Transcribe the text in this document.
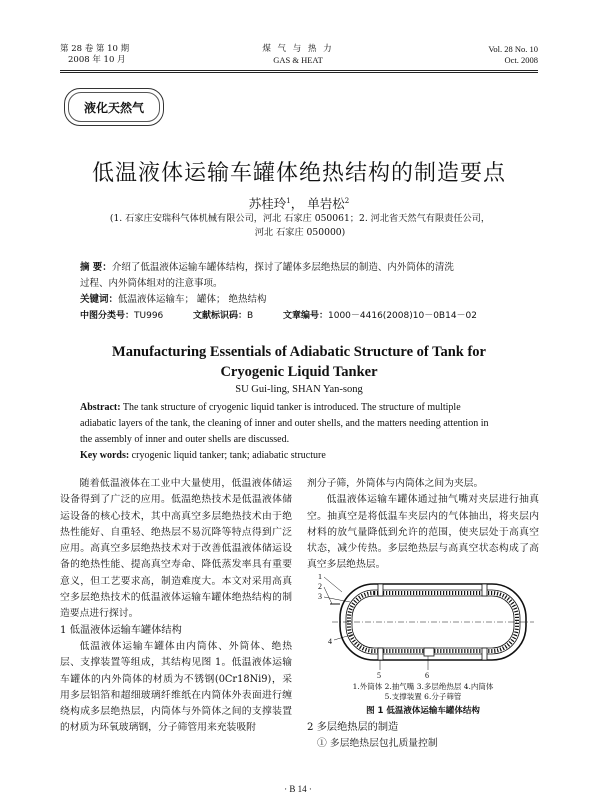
第 28 卷 第 10 期
2008 年 10 月
煤 气 与 热 力
GAS & HEAT
Vol. 28 No. 10
Oct. 2008
液化天然气
低温液体运输车罐体绝热结构的制造要点
苏桂玲$^1$， 单岩松$^2$
(1. 石家庄安瑞科气体机械有限公司，河北 石家庄 050061；2. 河北省天然气有限责任公司，
河北 石家庄 050000)
摘 要：介绍了低温液体运输车罐体结构，探讨了罐体多层绝热层的制造、内外筒体的清洗
过程、内外筒体组对的注意事项。
关键词：低温液体运输车； 罐体； 绝热结构
中图分类号：TU996	文献标识码：B	文章编号：1000－4416(2008)10－0B14－02
Manufacturing Essentials of Adiabatic Structure of Tank for
Cryogenic Liquid Tanker
SU Gui-ling, SHAN Yan-song
Abstract: The tank structure of cryogenic liquid tanker is introduced. The structure of multiple
adiabatic layers of the tank, the cleaning of inner and outer shells, and the matters needing attention in
the assembly of inner and outer shells are discussed.
Key words: cryogenic liquid tanker; tank; adiabatic structure

随着低温液体在工业中大量使用，低温液体储运设备得到了广泛的应用。低温绝热技术是低温液体储运设备的核心技术，其中高真空多层绝热技术由于绝热性能好、自重轻、绝热层不易沉降等特点得到广泛应用。高真空多层绝热技术对于改善低温液体储运设备的绝热性能、提高真空寿命、降低蒸发率具有重要意义，但工艺要求高，制造难度大。本文对采用高真空多层绝热技术的低温液体运输车罐体绝热结构的制造要点进行探讨。

1 低温液体运输车罐体结构

低温液体运输车罐体由内筒体、外筒体、绝热层、支撑装置等组成，其结构见图 1。低温液体运输车罐体的内外筒体的材质为不锈钢(0Cr18Ni9)，采用多层铝箔和超细玻璃纤维纸在内筒体外表面进行缠绕构成多层绝热层，内筒体与外筒体之间的支撑装置的材质为环氧玻璃钢，分子筛管用来充装吸附

剂分子筛，外筒体与内筒体之间为夹层。

低温液体运输车罐体通过抽气嘴对夹层进行抽真空。抽真空是将低温车夹层内的气体抽出，将夹层内材料的放气量降低到允许的范围，使夹层处于高真空状态，减少传热。多层绝热层与高真空状态构成了高真空多层绝热层。

1
2
3
4
5	6
1.外筒体 2.抽气嘴 3.多层绝热层 4.内筒体
5.支撑装置 6.分子筛管
图 1 低温液体运输车罐体结构
2 多层绝热层的制造
① 多层绝热层包扎质量控制
· B 14 ·
